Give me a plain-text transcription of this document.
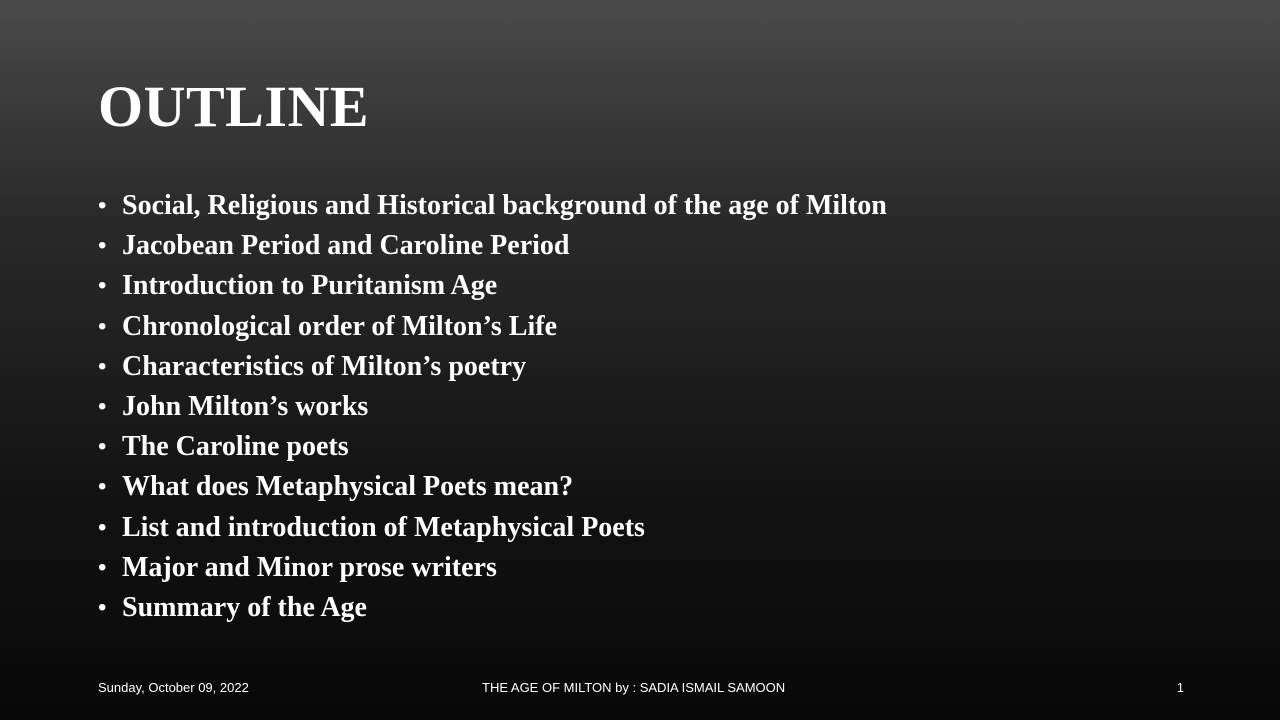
OUTLINE
• Social, Religious and Historical background of the age of Milton
• Jacobean Period and Caroline Period
• Introduction to Puritanism Age
• Chronological order of Milton’s Life
• Characteristics of Milton’s poetry
• John Milton’s works
• The Caroline poets
• What does Metaphysical Poets mean?
• List and introduction of Metaphysical Poets
• Major and Minor prose writers
• Summary of the Age
Sunday, October 09, 2022	THE AGE OF MILTON by : SADIA ISMAIL SAMOON	1
